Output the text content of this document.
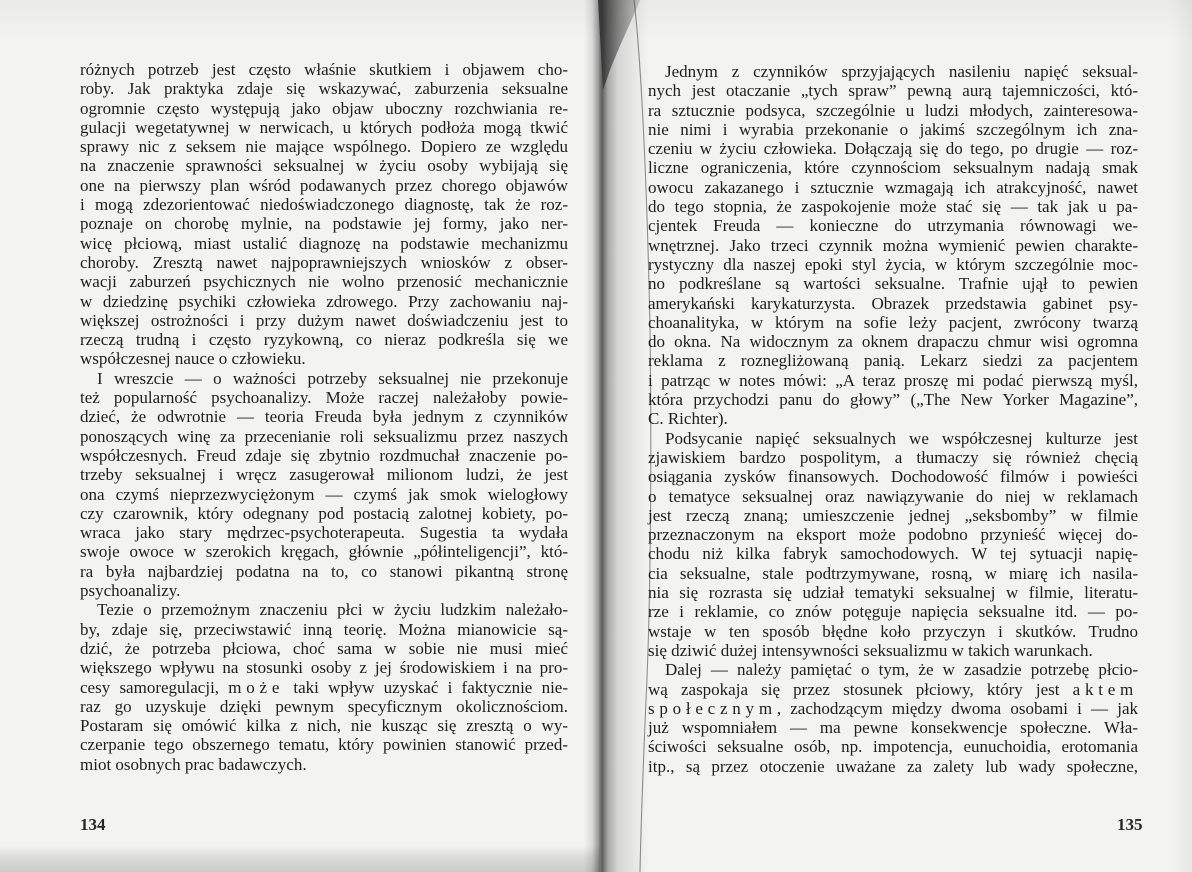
różnych potrzeb jest często właśnie skutkiem i objawem cho-
roby. Jak praktyka zdaje się wskazywać, zaburzenia seksualne
ogromnie często występują jako objaw uboczny rozchwiania re-
gulacji wegetatywnej w nerwicach, u których podłoża mogą tkwić
sprawy nic z seksem nie mające wspólnego. Dopiero ze względu
na znaczenie sprawności seksualnej w życiu osoby wybijają się
one na pierwszy plan wśród podawanych przez chorego objawów
i mogą zdezorientować niedoświadczonego diagnostę, tak że roz-
poznaje on chorobę mylnie, na podstawie jej formy, jako ner-
wicę płciową, miast ustalić diagnozę na podstawie mechanizmu
choroby. Zresztą nawet najpoprawniejszych wniosków z obser-
wacji zaburzeń psychicznych nie wolno przenosić mechanicznie
w dziedzinę psychiki człowieka zdrowego. Przy zachowaniu naj-
większej ostrożności i przy dużym nawet doświadczeniu jest to
rzeczą trudną i często ryzykowną, co nieraz podkreśla się we
współczesnej nauce o człowieku.
I wreszcie — o ważności potrzeby seksualnej nie przekonuje
też popularność psychoanalizy. Może raczej należałoby powie-
dzieć, że odwrotnie — teoria Freuda była jednym z czynników
ponoszących winę za przecenianie roli seksualizmu przez naszych
współczesnych. Freud zdaje się zbytnio rozdmuchał znaczenie po-
trzeby seksualnej i wręcz zasugerował milionom ludzi, że jest
ona czymś nieprzezwyciężonym — czymś jak smok wielogłowy
czy czarownik, który odegnany pod postacią zalotnej kobiety, po-
wraca jako stary mędrzec-psychoterapeuta. Sugestia ta wydała
swoje owoce w szerokich kręgach, głównie „półinteligencji”, któ-
ra była najbardziej podatna na to, co stanowi pikantną stronę
psychoanalizy.
Tezie o przemożnym znaczeniu płci w życiu ludzkim należało-
by, zdaje się, przeciwstawić inną teorię. Można mianowicie są-
dzić, że potrzeba płciowa, choć sama w sobie nie musi mieć
większego wpływu na stosunki osoby z jej środowiskiem i na pro-
cesy samoregulacji, może taki wpływ uzyskać i faktycznie nie-
raz go uzyskuje dzięki pewnym specyficznym okolicznościom.
Postaram się omówić kilka z nich, nie kusząc się zresztą o wy-
czerpanie tego obszernego tematu, który powinien stanowić przed-
miot osobnych prac badawczych.
Jednym z czynników sprzyjających nasileniu napięć seksual-
nych jest otaczanie „tych spraw” pewną aurą tajemniczości, któ-
ra sztucznie podsyca, szczególnie u ludzi młodych, zainteresowa-
nie nimi i wyrabia przekonanie o jakimś szczególnym ich zna-
czeniu w życiu człowieka. Dołączają się do tego, po drugie — roz-
liczne ograniczenia, które czynnościom seksualnym nadają smak
owocu zakazanego i sztucznie wzmagają ich atrakcyjność, nawet
do tego stopnia, że zaspokojenie może stać się — tak jak u pa-
cjentek Freuda — konieczne do utrzymania równowagi we-
wnętrznej. Jako trzeci czynnik można wymienić pewien charakte-
rystyczny dla naszej epoki styl życia, w którym szczególnie moc-
no podkreślane są wartości seksualne. Trafnie ujął to pewien
amerykański karykaturzysta. Obrazek przedstawia gabinet psy-
choanalityka, w którym na sofie leży pacjent, zwrócony twarzą
do okna. Na widocznym za oknem drapaczu chmur wisi ogromna
reklama z roznegliżowaną panią. Lekarz siedzi za pacjentem
i patrząc w notes mówi: „A teraz proszę mi podać pierwszą myśl,
która przychodzi panu do głowy” („The New Yorker Magazine”,
C. Richter).
Podsycanie napięć seksualnych we współczesnej kulturze jest
zjawiskiem bardzo pospolitym, a tłumaczy się również chęcią
osiągania zysków finansowych. Dochodowość filmów i powieści
o tematyce seksualnej oraz nawiązywanie do niej w reklamach
jest rzeczą znaną; umieszczenie jednej „seksbomby” w filmie
przeznaczonym na eksport może podobno przynieść więcej do-
chodu niż kilka fabryk samochodowych. W tej sytuacji napię-
cia seksualne, stale podtrzymywane, rosną, w miarę ich nasila-
nia się rozrasta się udział tematyki seksualnej w filmie, literatu-
rze i reklamie, co znów potęguje napięcia seksualne itd. — po-
wstaje w ten sposób błędne koło przyczyn i skutków. Trudno
się dziwić dużej intensywności seksualizmu w takich warunkach.
Dalej — należy pamiętać o tym, że w zasadzie potrzebę płcio-
wą zaspokaja się przez stosunek płciowy, który jest aktem
społecznym, zachodzącym między dwoma osobami i — jak
już wspomniałem — ma pewne konsekwencje społeczne. Wła-
ściwości seksualne osób, np. impotencja, eunuchoidia, erotomania
itp., są przez otoczenie uważane za zalety lub wady społeczne,
134	135
